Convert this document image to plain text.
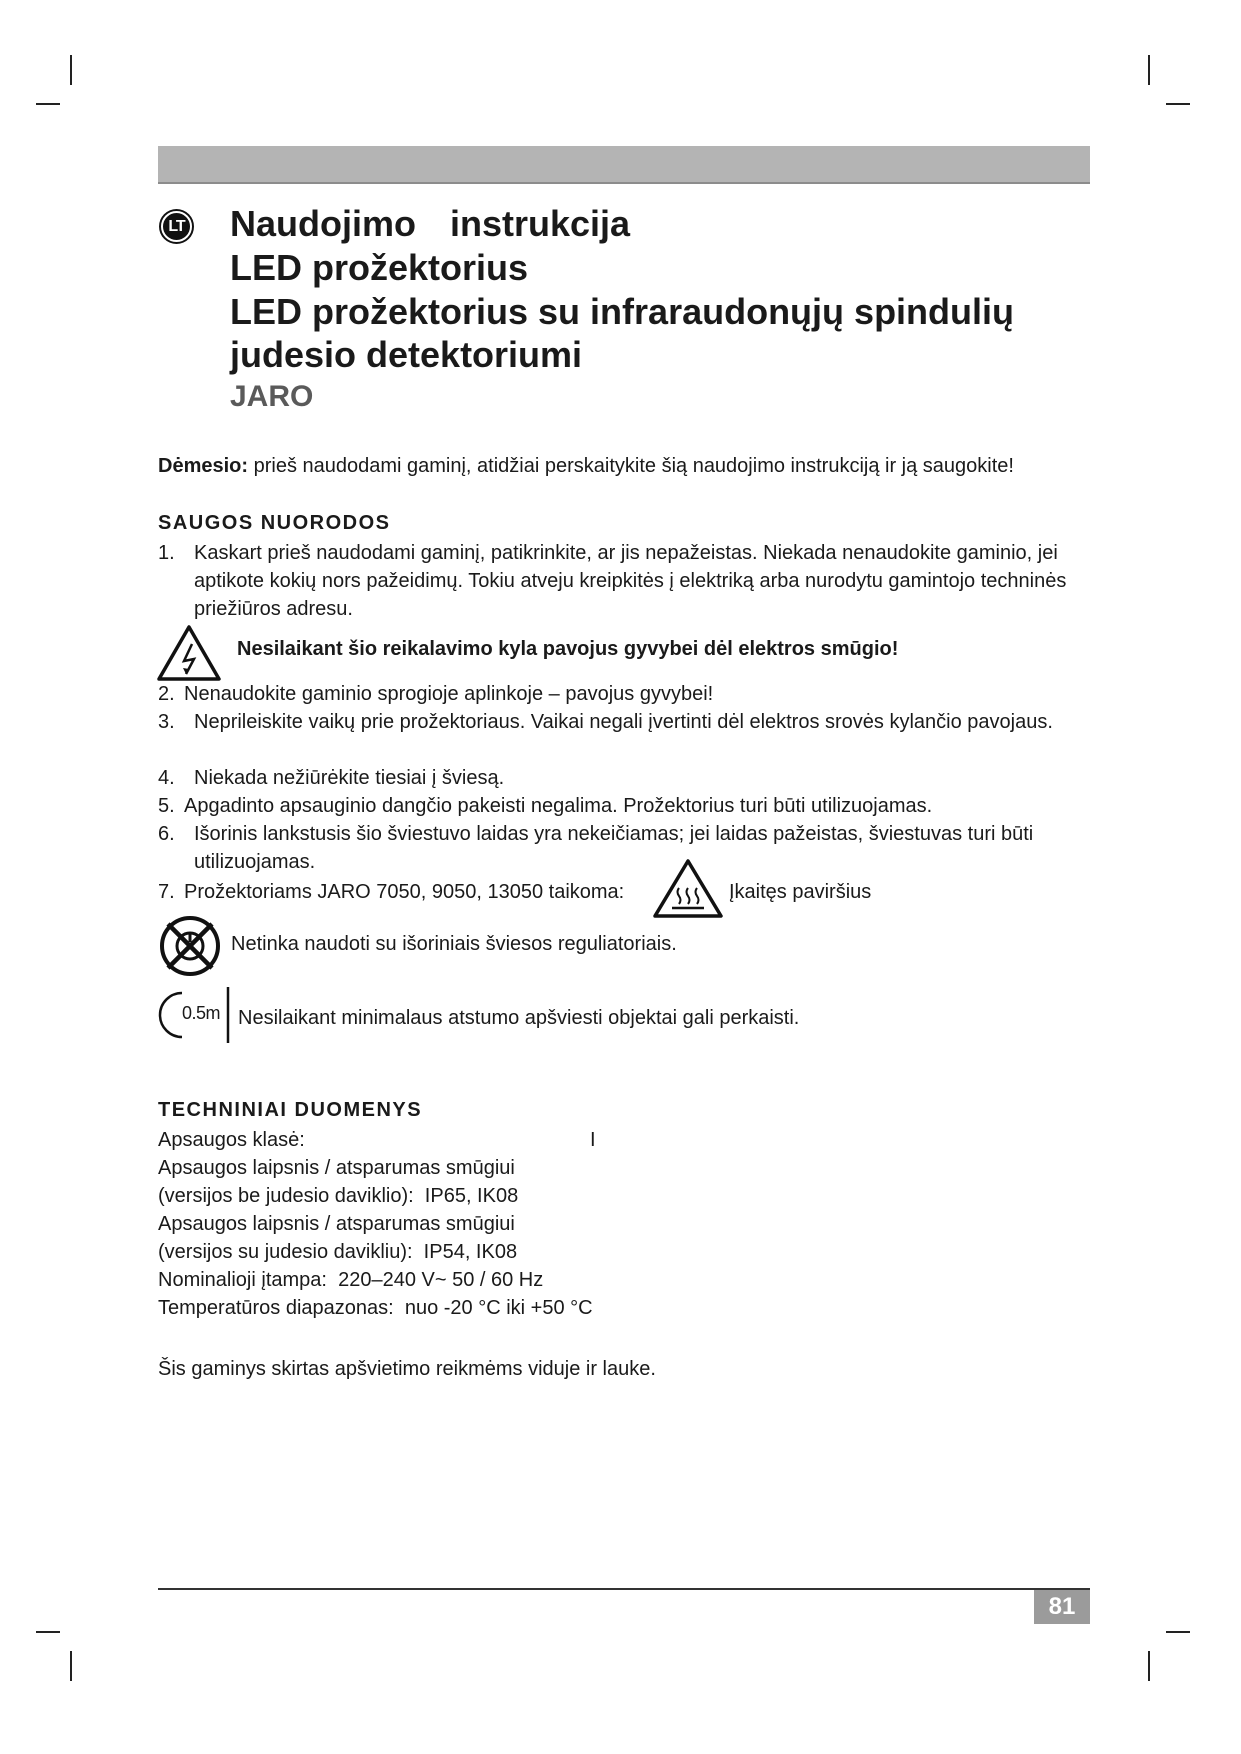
LT Naudojimo instrukcija
LED prožektorius
LED prožektorius su infraraudonųjų spindulių
judesio detektoriumi
JARO
Dėmesio: prieš naudodami gaminį, atidžiai perskaitykite šią naudojimo instrukciją ir ją saugokite!
SAUGOS NUORODOS
1. Kaskart prieš naudodami gaminį, patikrinkite, ar jis nepažeistas. Niekada nenaudokite gaminio, jei aptikote kokių nors pažeidimų. Tokiu atveju kreipkitės į elektriką arba nurodytu gamintojo techninės priežiūros adresu.
Nesilaikant šio reikalavimo kyla pavojus gyvybei dėl elektros smūgio!
2. Nenaudokite gaminio sprogioje aplinkoje – pavojus gyvybei!
3. Neprileiskite vaikų prie prožektoriaus. Vaikai negali įvertinti dėl elektros srovės kylančio pavojaus.
4. Niekada nežiūrėkite tiesiai į šviesą.
5. Apgadinto apsauginio dangčio pakeisti negalima. Prožektorius turi būti utilizuojamas.
6. Išorinis lankstusis šio šviestuvo laidas yra nekeičiamas; jei laidas pažeistas, šviestuvas turi būti utilizuojamas.
7. Prožektoriams JARO 7050, 9050, 13050 taikoma:	Įkaitęs paviršius
Netinka naudoti su išoriniais šviesos reguliatoriais.
0.5m Nesilaikant minimalaus atstumo apšviesti objektai gali perkaisti.
TECHNINIAI DUOMENYS
Apsaugos klasė:	I
Apsaugos laipsnis / atsparumas smūgiui
(versijos be judesio daviklio): IP65, IK08
Apsaugos laipsnis / atsparumas smūgiui
(versijos su judesio davikliu): IP54, IK08
Nominalioji įtampa: 220–240 V~ 50 / 60 Hz
Temperatūros diapazonas: nuo -20 °C iki +50 °C
Šis gaminys skirtas apšvietimo reikmėms viduje ir lauke.
81
